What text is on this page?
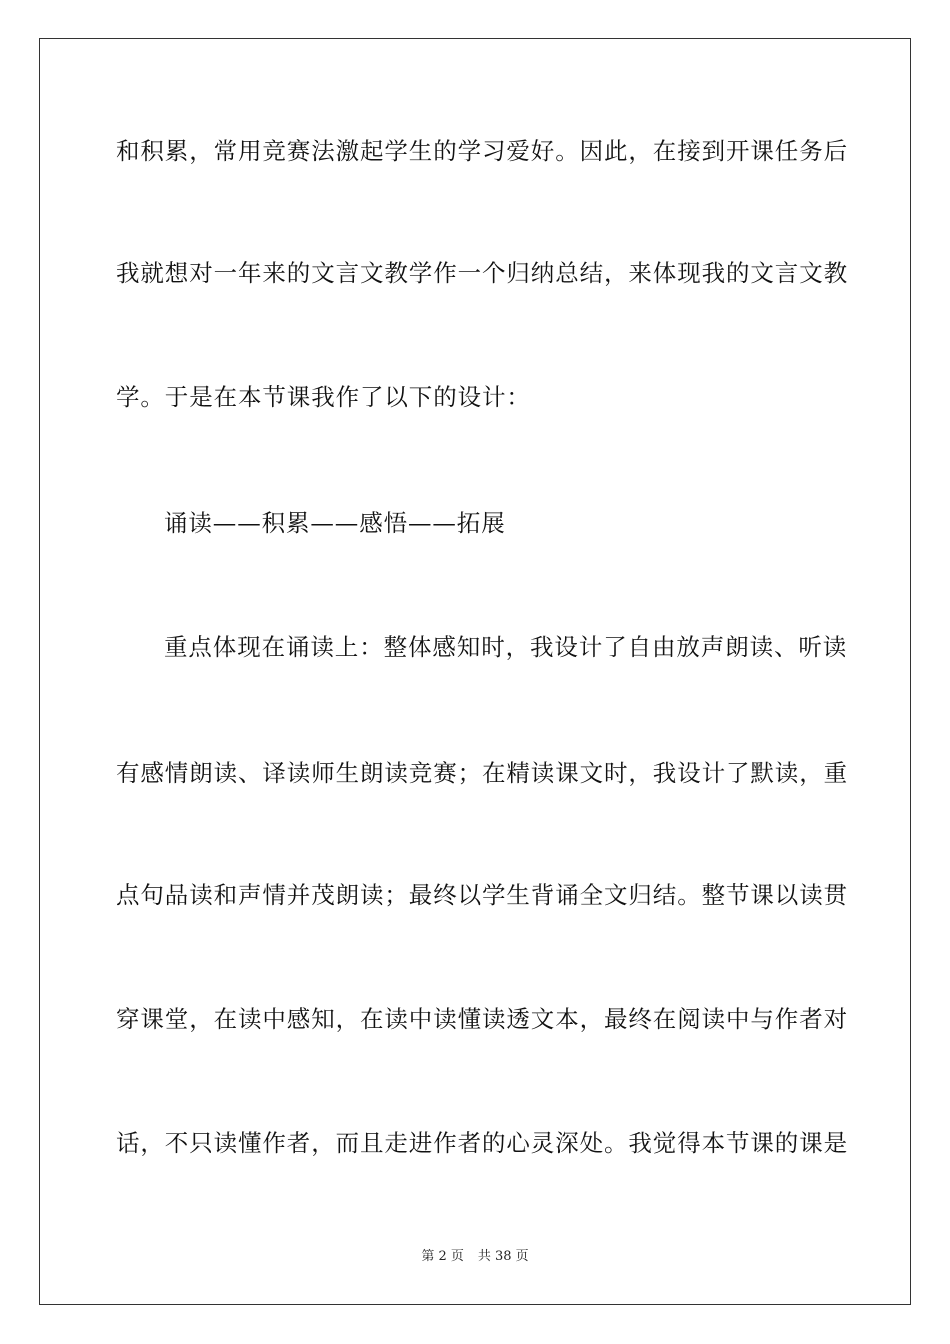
和积累，常用竞赛法激起学生的学习爱好。因此，在接到开课任务后
我就想对一年来的文言文教学作一个归纳总结，来体现我的文言文教
学。于是在本节课我作了以下的设计：
诵读——积累——感悟——拓展
重点体现在诵读上：整体感知时，我设计了自由放声朗读、听读
有感情朗读、译读师生朗读竞赛；在精读课文时，我设计了默读，重
点句品读和声情并茂朗读；最终以学生背诵全文归结。整节课以读贯
穿课堂，在读中感知，在读中读懂读透文本，最终在阅读中与作者对
话，不只读懂作者，而且走进作者的心灵深处。我觉得本节课的课是
第 2 页 共 38 页
